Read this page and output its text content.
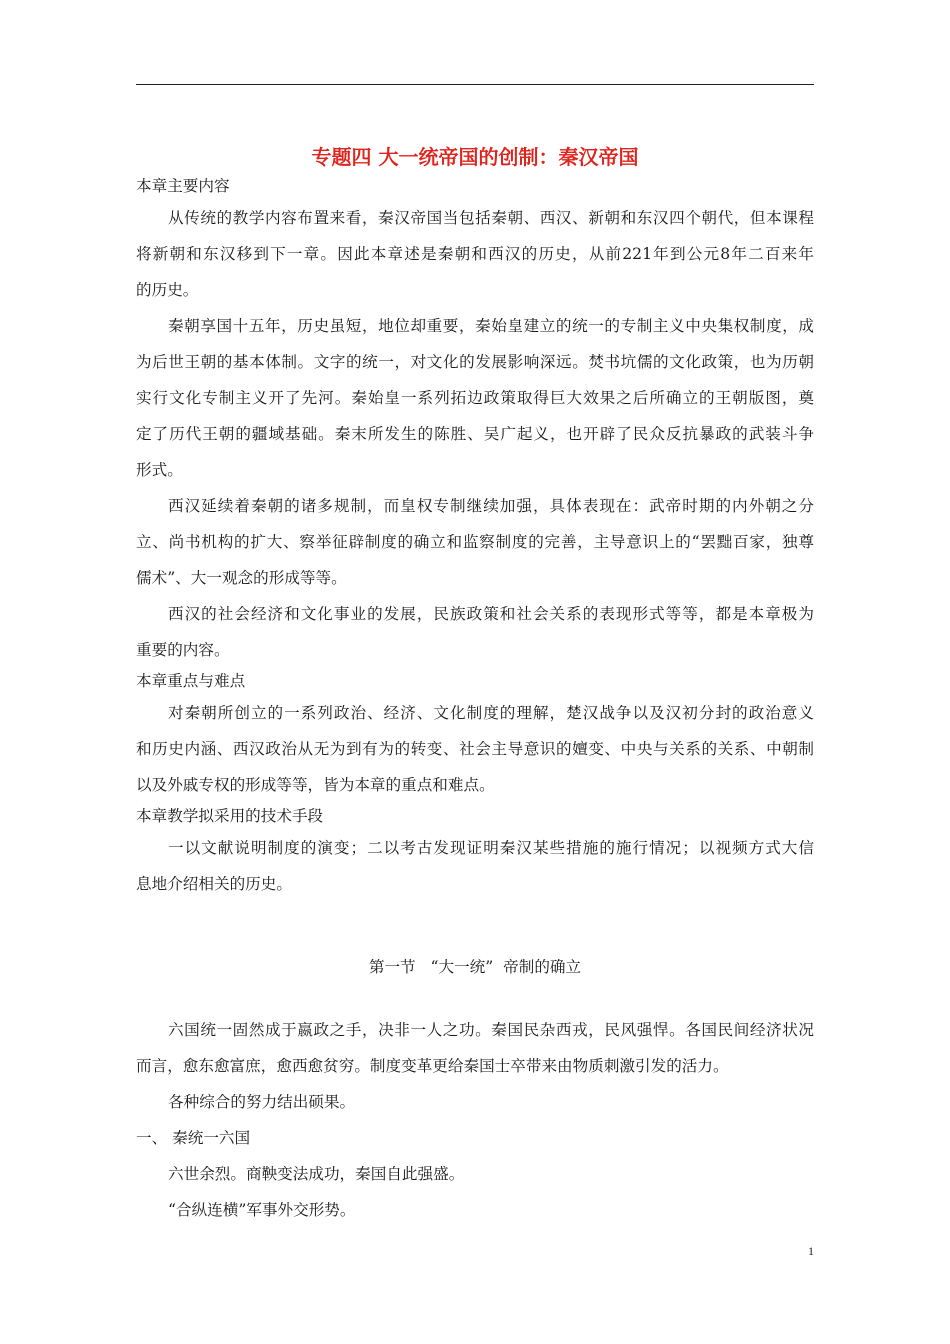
专题四 大一统帝国的创制：秦汉帝国
本章主要内容
从传统的教学内容布置来看，秦汉帝国当包括秦朝、西汉、新朝和东汉四个朝代，但本课程
将新朝和东汉移到下一章。因此本章述是秦朝和西汉的历史，从前221年到公元8年二百来年
的历史。
秦朝享国十五年，历史虽短，地位却重要，秦始皇建立的统一的专制主义中央集权制度，成
为后世王朝的基本体制。文字的统一，对文化的发展影响深远。焚书坑儒的文化政策，也为历朝
实行文化专制主义开了先河。秦始皇一系列拓边政策取得巨大效果之后所确立的王朝版图，奠
定了历代王朝的疆域基础。秦末所发生的陈胜、吴广起义，也开辟了民众反抗暴政的武装斗争
形式。
西汉延续着秦朝的诸多规制，而皇权专制继续加强，具体表现在：武帝时期的内外朝之分
立、尚书机构的扩大、察举征辟制度的确立和监察制度的完善，主导意识上的“罢黜百家，独尊
儒术”、大一观念的形成等等。
西汉的社会经济和文化事业的发展，民族政策和社会关系的表现形式等等，都是本章极为
重要的内容。
本章重点与难点
对秦朝所创立的一系列政治、经济、文化制度的理解，楚汉战争以及汉初分封的政治意义
和历史内涵、西汉政治从无为到有为的转变、社会主导意识的嬗变、中央与关系的关系、中朝制
以及外戚专权的形成等等，皆为本章的重点和难点。
本章教学拟采用的技术手段
一以文献说明制度的演变；二以考古发现证明秦汉某些措施的施行情况；以视频方式大信
息地介绍相关的历史。
第一节   “大一统”  帝制的确立
六国统一固然成于嬴政之手，决非一人之功。秦国民杂西戎，民风强悍。各国民间经济状况
而言，愈东愈富庶，愈西愈贫穷。制度变革更给秦国士卒带来由物质刺激引发的活力。
各种综合的努力结出硕果。
一、 秦统一六国
六世余烈。商鞅变法成功，秦国自此强盛。
“合纵连横”军事外交形势。
1
